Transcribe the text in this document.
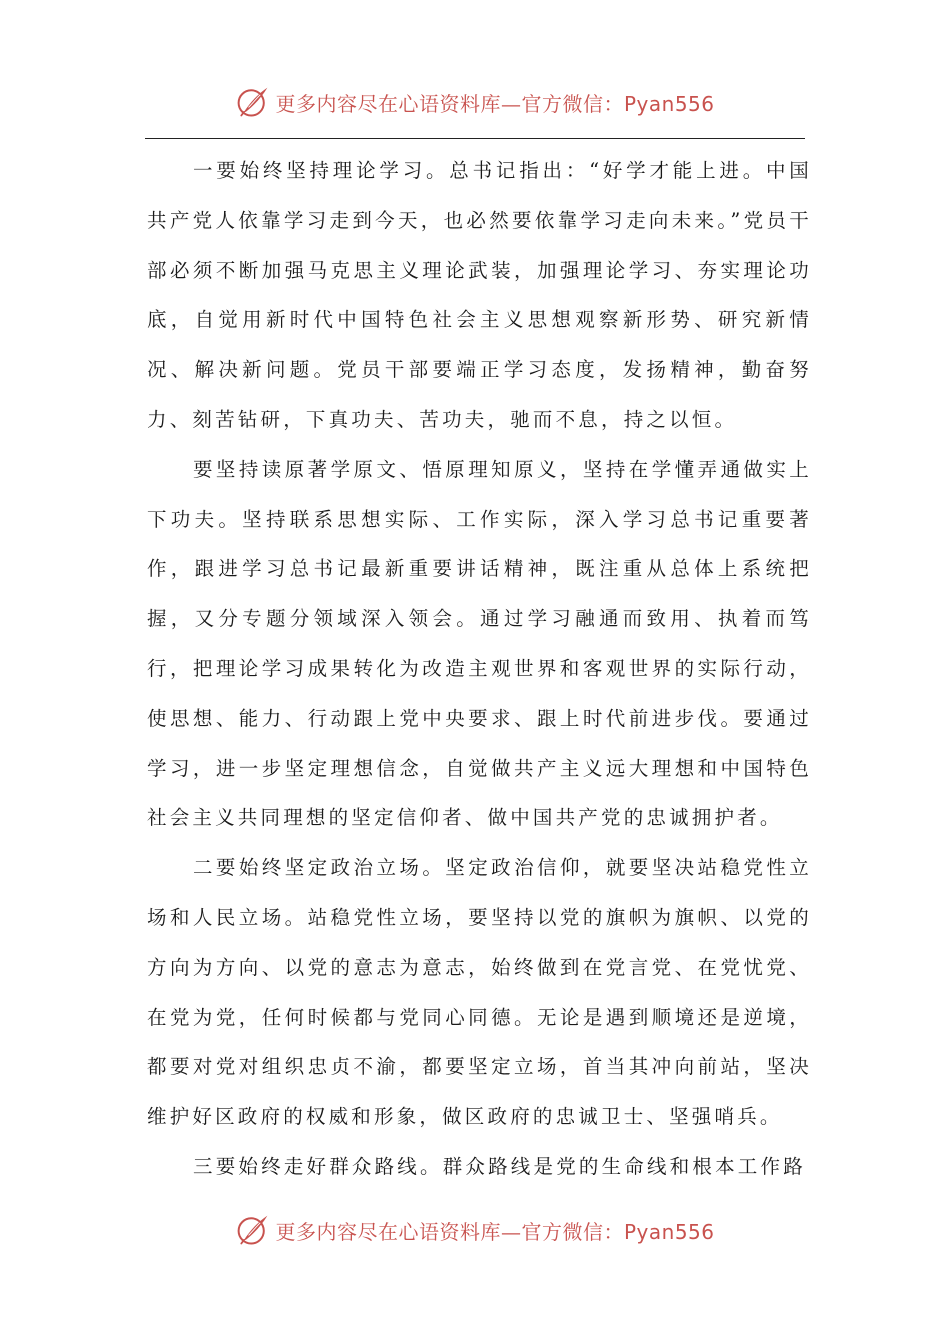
更多内容尽在心语资料库—官方微信：Pyan556

一要始终坚持理论学习。总书记指出：“好学才能上进。中国共产党人依靠学习走到今天，也必然要依靠学习走向未来。”党员干部必须不断加强马克思主义理论武装，加强理论学习、夯实理论功底，自觉用新时代中国特色社会主义思想观察新形势、研究新情况、解决新问题。党员干部要端正学习态度，发扬精神，勤奋努力、刻苦钻研，下真功夫、苦功夫，驰而不息，持之以恒。

要坚持读原著学原文、悟原理知原义，坚持在学懂弄通做实上下功夫。坚持联系思想实际、工作实际，深入学习总书记重要著作，跟进学习总书记最新重要讲话精神，既注重从总体上系统把握，又分专题分领域深入领会。通过学习融通而致用、执着而笃行，把理论学习成果转化为改造主观世界和客观世界的实际行动，使思想、能力、行动跟上党中央要求、跟上时代前进步伐。要通过学习，进一步坚定理想信念，自觉做共产主义远大理想和中国特色社会主义共同理想的坚定信仰者、做中国共产党的忠诚拥护者。

二要始终坚定政治立场。坚定政治信仰，就要坚决站稳党性立场和人民立场。站稳党性立场，要坚持以党的旗帜为旗帜、以党的方向为方向、以党的意志为意志，始终做到在党言党、在党忧党、在党为党，任何时候都与党同心同德。无论是遇到顺境还是逆境，都要对党对组织忠贞不渝，都要坚定立场，首当其冲向前站，坚决维护好区政府的权威和形象，做区政府的忠诚卫士、坚强哨兵。

三要始终走好群众路线。群众路线是党的生命线和根本工作路

更多内容尽在心语资料库—官方微信：Pyan556
